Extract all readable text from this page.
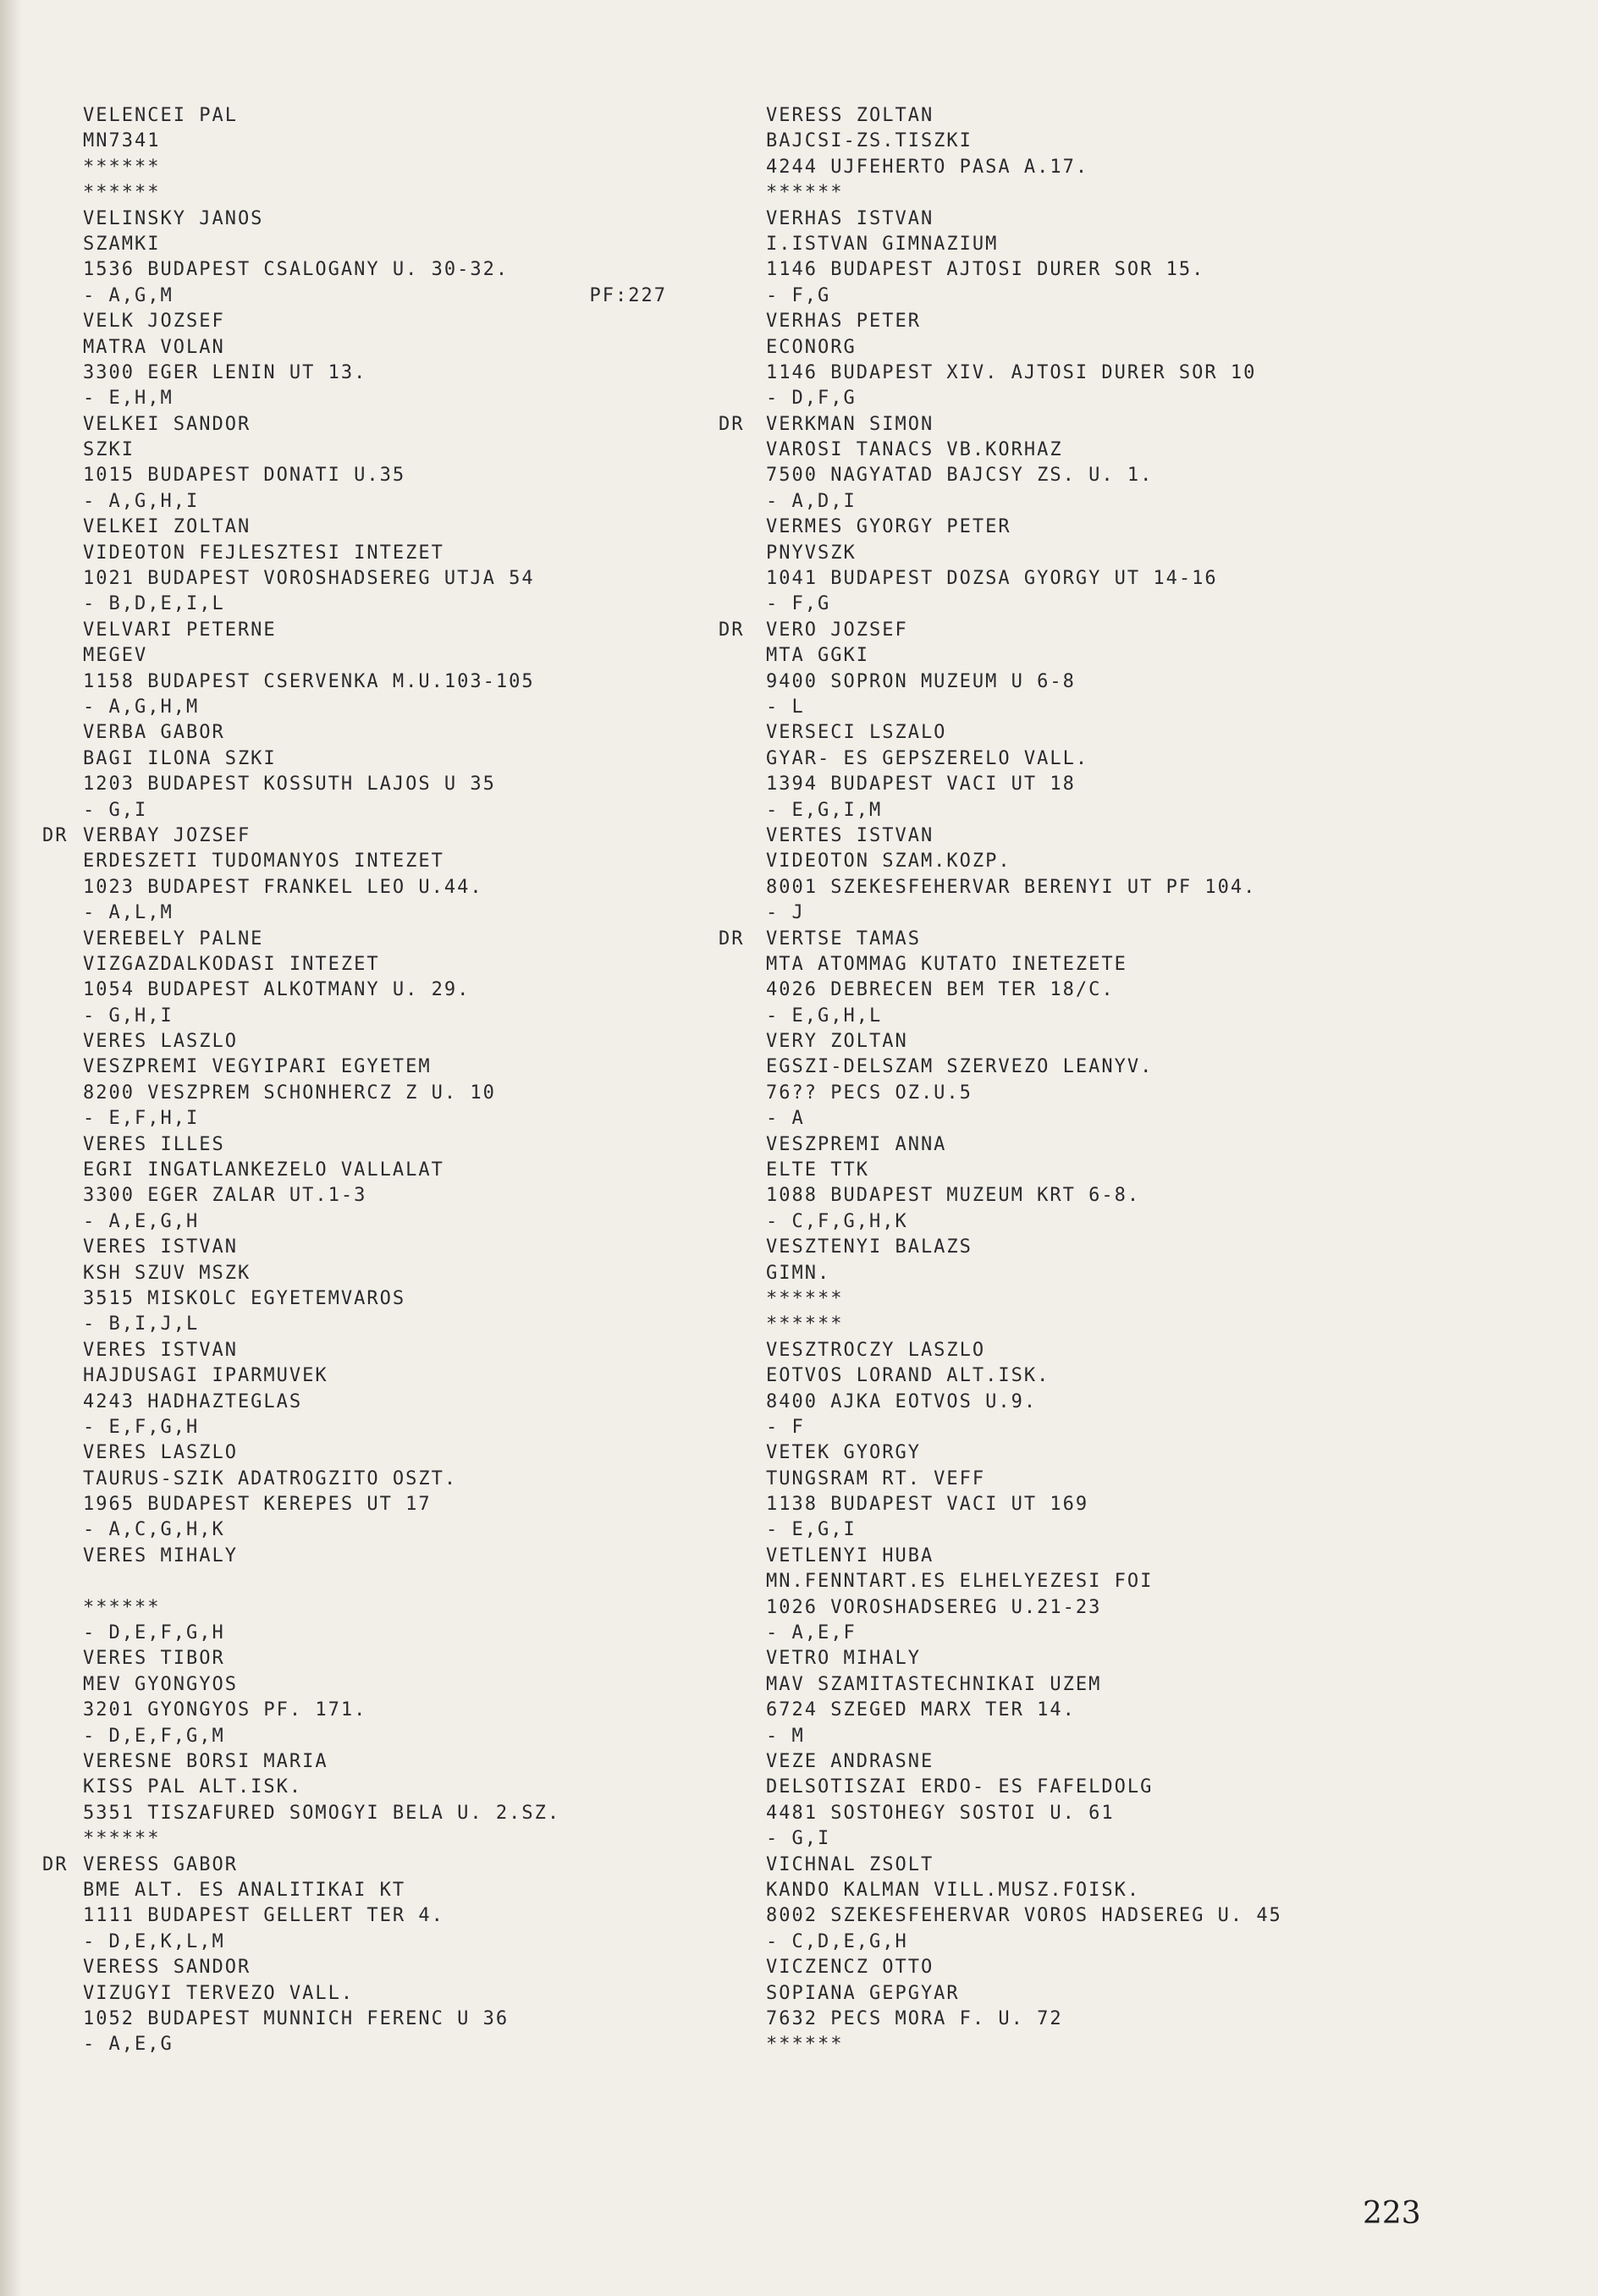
VELENCEI PAL
MN7341
******
******
VELINSKY JANOS
SZAMKI
1536 BUDAPEST CSALOGANY U. 30-32.
- A,G,M	PF:227
VELK JOZSEF
MATRA VOLAN
3300 EGER LENIN UT 13.
- E,H,M
VELKEI SANDOR
SZKI
1015 BUDAPEST DONATI U.35
- A,G,H,I
VELKEI ZOLTAN
VIDEOTON FEJLESZTESI INTEZET
1021 BUDAPEST VOROSHADSEREG UTJA 54
- B,D,E,I,L
VELVARI PETERNE
MEGEV
1158 BUDAPEST CSERVENKA M.U.103-105
- A,G,H,M
VERBA GABOR
BAGI ILONA SZKI
1203 BUDAPEST KOSSUTH LAJOS U 35
- G,I
DR VERBAY JOZSEF
ERDESZETI TUDOMANYOS INTEZET
1023 BUDAPEST FRANKEL LEO U.44.
- A,L,M
VEREBELY PALNE
VIZGAZDALKODASI INTEZET
1054 BUDAPEST ALKOTMANY U. 29.
- G,H,I
VERES LASZLO
VESZPREMI VEGYIPARI EGYETEM
8200 VESZPREM SCHONHERCZ Z U. 10
- E,F,H,I
VERES ILLES
EGRI INGATLANKEZELO VALLALAT
3300 EGER ZALAR UT.1-3
- A,E,G,H
VERES ISTVAN
KSH SZUV MSZK
3515 MISKOLC EGYETEMVAROS
- B,I,J,L
VERES ISTVAN
HAJDUSAGI IPARMUVEK
4243 HADHAZTEGLAS
- E,F,G,H
VERES LASZLO
TAURUS-SZIK ADATROGZITO OSZT.
1965 BUDAPEST KEREPES UT 17
- A,C,G,H,K
VERES MIHALY
******
- D,E,F,G,H
VERES TIBOR
MEV GYONGYOS
3201 GYONGYOS PF. 171.
- D,E,F,G,M
VERESNE BORSI MARIA
KISS PAL ALT.ISK.
5351 TISZAFURED SOMOGYI BELA U. 2.SZ.
******
DR VERESS GABOR
BME ALT. ES ANALITIKAI KT
1111 BUDAPEST GELLERT TER 4.
- D,E,K,L,M
VERESS SANDOR
VIZUGYI TERVEZO VALL.
1052 BUDAPEST MUNNICH FERENC U 36
- A,E,G
VERESS ZOLTAN
BAJCSI-ZS.TISZKI
4244 UJFEHERTO PASA A.17.
******
VERHAS ISTVAN
I.ISTVAN GIMNAZIUM
1146 BUDAPEST AJTOSI DURER SOR 15.
- F,G
VERHAS PETER
ECONORG
1146 BUDAPEST XIV. AJTOSI DURER SOR 10
- D,F,G
DR VERKMAN SIMON
VAROSI TANACS VB.KORHAZ
7500 NAGYATAD BAJCSY ZS. U. 1.
- A,D,I
VERMES GYORGY PETER
PNYVSZK
1041 BUDAPEST DOZSA GYORGY UT 14-16
- F,G
DR VERO JOZSEF
MTA GGKI
9400 SOPRON MUZEUM U 6-8
- L
VERSECI LSZALO
GYAR- ES GEPSZERELO VALL.
1394 BUDAPEST VACI UT 18
- E,G,I,M
VERTES ISTVAN
VIDEOTON SZAM.KOZP.
8001 SZEKESFEHERVAR BERENYI UT PF 104.
- J
DR VERTSE TAMAS
MTA ATOMMAG KUTATO INETEZETE
4026 DEBRECEN BEM TER 18/C.
- E,G,H,L
VERY ZOLTAN
EGSZI-DELSZAM SZERVEZO LEANYV.
76?? PECS OZ.U.5
- A
VESZPREMI ANNA
ELTE TTK
1088 BUDAPEST MUZEUM KRT 6-8.
- C,F,G,H,K
VESZTENYI BALAZS
GIMN.
******
******
VESZTROCZY LASZLO
EOTVOS LORAND ALT.ISK.
8400 AJKA EOTVOS U.9.
- F
VETEK GYORGY
TUNGSRAM RT. VEFF
1138 BUDAPEST VACI UT 169
- E,G,I
VETLENYI HUBA
MN.FENNTART.ES ELHELYEZESI FOI
1026 VOROSHADSEREG U.21-23
- A,E,F
VETRO MIHALY
MAV SZAMITASTECHNIKAI UZEM
6724 SZEGED MARX TER 14.
- M
VEZE ANDRASNE
DELSOTISZAI ERDO- ES FAFELDOLG
4481 SOSTOHEGY SOSTOI U. 61
- G,I
VICHNAL ZSOLT
KANDO KALMAN VILL.MUSZ.FOISK.
8002 SZEKESFEHERVAR VOROS HADSEREG U. 45
- C,D,E,G,H
VICZENCZ OTTO
SOPIANA GEPGYAR
7632 PECS MORA F. U. 72
******
223
